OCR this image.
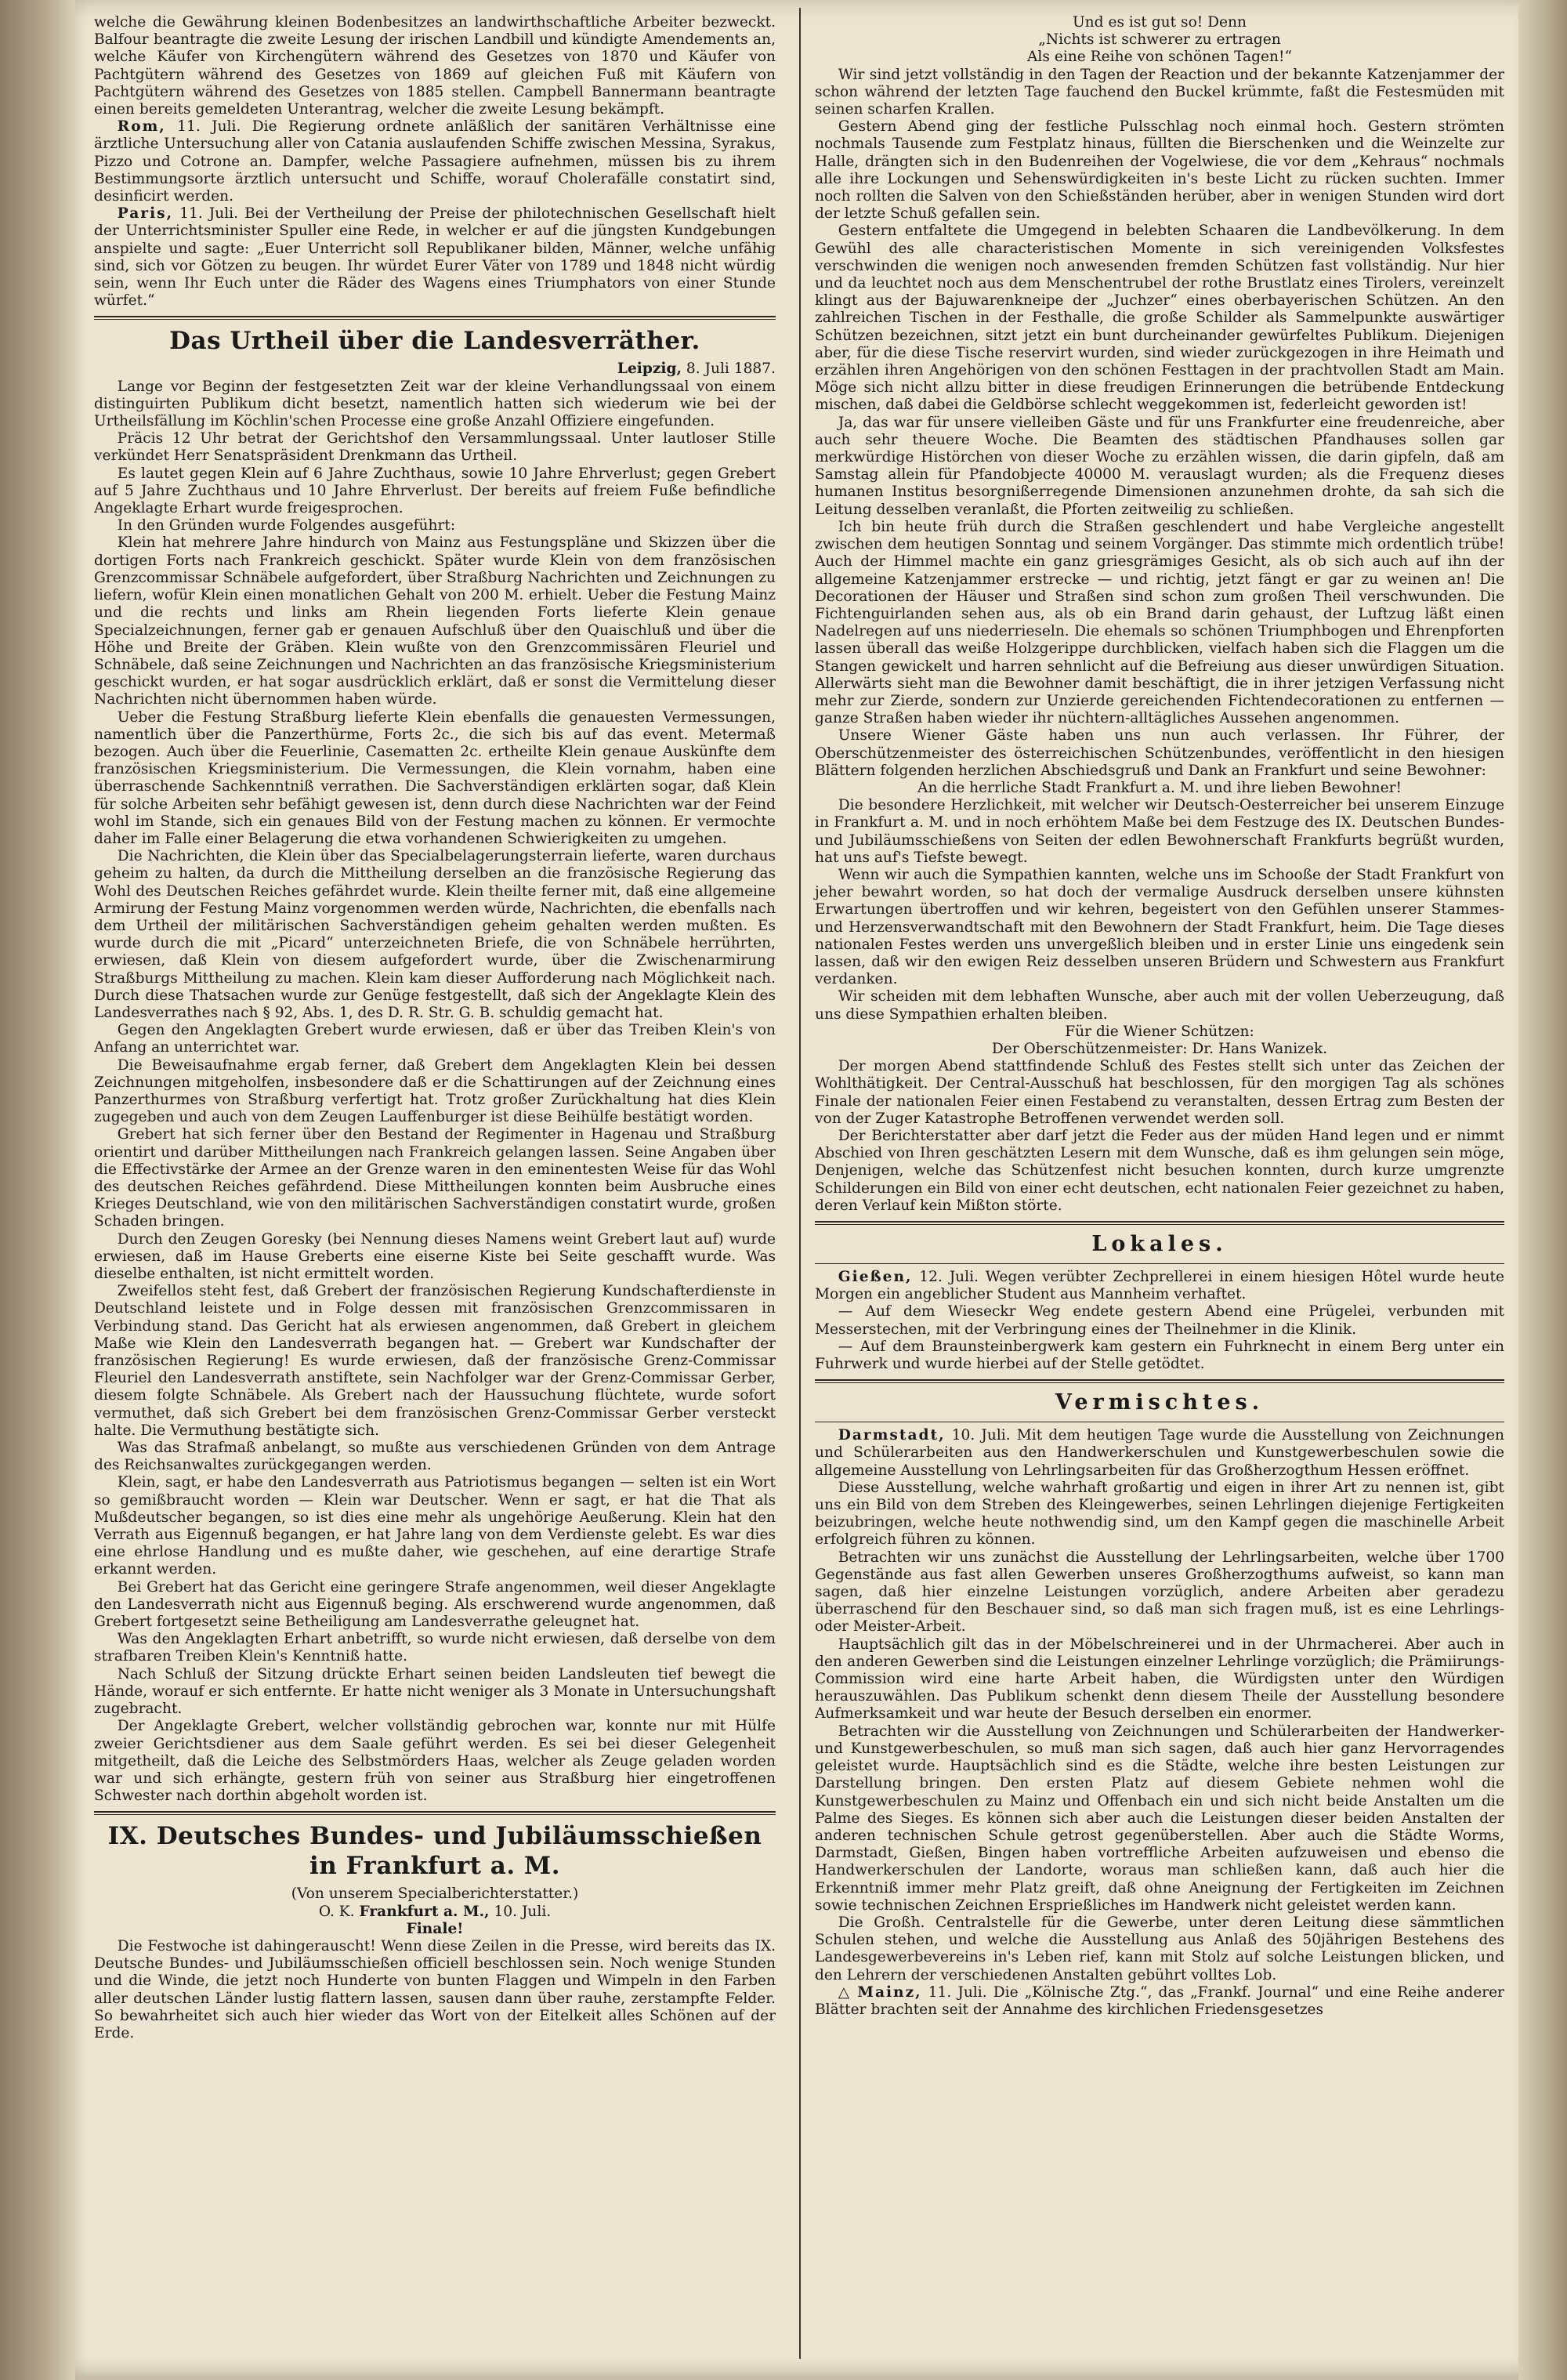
welche die Gewährung kleinen Bodenbesitzes an landwirthschaftliche Arbeiter bezweckt. Balfour beantragte die zweite Lesung der irischen Landbill und kündigte Amendements an, welche Käufer von Kirchengütern während des Gesetzes von 1870 und Käufer von Pachtgütern während des Gesetzes von 1869 auf gleichen Fuß mit Käufern von Pachtgütern während des Gesetzes von 1885 stellen. Campbell Bannermann beantragte einen bereits gemeldeten Unterantrag, welcher die zweite Lesung bekämpft.

Rom, 11. Juli. Die Regierung ordnete anläßlich der sanitären Verhältnisse eine ärztliche Untersuchung aller von Catania auslaufenden Schiffe zwischen Messina, Syrakus, Pizzo und Cotrone an. Dampfer, welche Passagiere aufnehmen, müssen bis zu ihrem Bestimmungsorte ärztlich untersucht und Schiffe, worauf Cholerafälle constatirt sind, desinficirt werden.

Paris, 11. Juli. Bei der Vertheilung der Preise der philotechnischen Gesellschaft hielt der Unterrichtsminister Spuller eine Rede, in welcher er auf die jüngsten Kundgebungen anspielte und sagte: „Euer Unterricht soll Republikaner bilden, Männer, welche unfähig sind, sich vor Götzen zu beugen. Ihr würdet Eurer Väter von 1789 und 1848 nicht würdig sein, wenn Ihr Euch unter die Räder des Wagens eines Triumphators von einer Stunde würfet.“

Das Urtheil über die Landesverräther.
Leipzig, 8. Juli 1887.

Lange vor Beginn der festgesetzten Zeit war der kleine Verhandlungssaal von einem distinguirten Publikum dicht besetzt, namentlich hatten sich wiederum wie bei der Urtheilsfällung im Köchlin'schen Processe eine große Anzahl Offiziere eingefunden.

Präcis 12 Uhr betrat der Gerichtshof den Versammlungssaal. Unter lautloser Stille verkündet Herr Senatspräsident Drenkmann das Urtheil.

Es lautet gegen Klein auf 6 Jahre Zuchthaus, sowie 10 Jahre Ehrverlust; gegen Grebert auf 5 Jahre Zuchthaus und 10 Jahre Ehrverlust. Der bereits auf freiem Fuße befindliche Angeklagte Erhart wurde freigesprochen.

In den Gründen wurde Folgendes ausgeführt:

Klein hat mehrere Jahre hindurch von Mainz aus Festungspläne und Skizzen über die dortigen Forts nach Frankreich geschickt. Später wurde Klein von dem französischen Grenzcommissar Schnäbele aufgefordert, über Straßburg Nachrichten und Zeichnungen zu liefern, wofür Klein einen monatlichen Gehalt von 200 M. erhielt. Ueber die Festung Mainz und die rechts und links am Rhein liegenden Forts lieferte Klein genaue Specialzeichnungen, ferner gab er genauen Aufschluß über den Quaischluß und über die Höhe und Breite der Gräben. Klein wußte von den Grenzcommissären Fleuriel und Schnäbele, daß seine Zeichnungen und Nachrichten an das französische Kriegsministerium geschickt wurden, er hat sogar ausdrücklich erklärt, daß er sonst die Vermittelung dieser Nachrichten nicht übernommen haben würde.

Ueber die Festung Straßburg lieferte Klein ebenfalls die genauesten Vermessungen, namentlich über die Panzerthürme, Forts 2c., die sich bis auf das event. Metermaß bezogen. Auch über die Feuerlinie, Casematten 2c. ertheilte Klein genaue Auskünfte dem französischen Kriegsministerium. Die Vermessungen, die Klein vornahm, haben eine überraschende Sachkenntniß verrathen. Die Sachverständigen erklärten sogar, daß Klein für solche Arbeiten sehr befähigt gewesen ist, denn durch diese Nachrichten war der Feind wohl im Stande, sich ein genaues Bild von der Festung machen zu können. Er vermochte daher im Falle einer Belagerung die etwa vorhandenen Schwierigkeiten zu umgehen.

Die Nachrichten, die Klein über das Specialbelagerungsterrain lieferte, waren durchaus geheim zu halten, da durch die Mittheilung derselben an die französische Regierung das Wohl des Deutschen Reiches gefährdet wurde. Klein theilte ferner mit, daß eine allgemeine Armirung der Festung Mainz vorgenommen werden würde, Nachrichten, die ebenfalls nach dem Urtheil der militärischen Sachverständigen geheim gehalten werden mußten. Es wurde durch die mit „Picard“ unterzeichneten Briefe, die von Schnäbele herrührten, erwiesen, daß Klein von diesem aufgefordert wurde, über die Zwischenarmirung Straßburgs Mittheilung zu machen. Klein kam dieser Aufforderung nach Möglichkeit nach. Durch diese Thatsachen wurde zur Genüge festgestellt, daß sich der Angeklagte Klein des Landesverrathes nach § 92, Abs. 1, des D. R. Str. G. B. schuldig gemacht hat.

Gegen den Angeklagten Grebert wurde erwiesen, daß er über das Treiben Klein's von Anfang an unterrichtet war.

Die Beweisaufnahme ergab ferner, daß Grebert dem Angeklagten Klein bei dessen Zeichnungen mitgeholfen, insbesondere daß er die Schattirungen auf der Zeichnung eines Panzerthurmes von Straßburg verfertigt hat. Trotz großer Zurückhaltung hat dies Klein zugegeben und auch von dem Zeugen Lauffenburger ist diese Beihülfe bestätigt worden.

Grebert hat sich ferner über den Bestand der Regimenter in Hagenau und Straßburg orientirt und darüber Mittheilungen nach Frankreich gelangen lassen. Seine Angaben über die Effectivstärke der Armee an der Grenze waren in den eminentesten Weise für das Wohl des deutschen Reiches gefährdend. Diese Mittheilungen konnten beim Ausbruche eines Krieges Deutschland, wie von den militärischen Sachverständigen constatirt wurde, großen Schaden bringen.

Durch den Zeugen Goresky (bei Nennung dieses Namens weint Grebert laut auf) wurde erwiesen, daß im Hause Greberts eine eiserne Kiste bei Seite geschafft wurde. Was dieselbe enthalten, ist nicht ermittelt worden.

Zweifellos steht fest, daß Grebert der französischen Regierung Kundschafterdienste in Deutschland leistete und in Folge dessen mit französischen Grenzcommissaren in Verbindung stand. Das Gericht hat als erwiesen angenommen, daß Grebert in gleichem Maße wie Klein den Landesverrath begangen hat. — Grebert war Kundschafter der französischen Regierung! Es wurde erwiesen, daß der französische Grenz-Commissar Fleuriel den Landesverrath anstiftete, sein Nachfolger war der Grenz-Commissar Gerber, diesem folgte Schnäbele. Als Grebert nach der Haussuchung flüchtete, wurde sofort vermuthet, daß sich Grebert bei dem französischen Grenz-Commissar Gerber versteckt halte. Die Vermuthung bestätigte sich.

Was das Strafmaß anbelangt, so mußte aus verschiedenen Gründen von dem Antrage des Reichsanwaltes zurückgegangen werden.

Klein, sagt, er habe den Landesverrath aus Patriotismus begangen — selten ist ein Wort so gemißbraucht worden — Klein war Deutscher. Wenn er sagt, er hat die That als Mußdeutscher begangen, so ist dies eine mehr als ungehörige Aeußerung. Klein hat den Verrath aus Eigennuß begangen, er hat Jahre lang von dem Verdienste gelebt. Es war dies eine ehrlose Handlung und es mußte daher, wie geschehen, auf eine derartige Strafe erkannt werden.

Bei Grebert hat das Gericht eine geringere Strafe angenommen, weil dieser Angeklagte den Landesverrath nicht aus Eigennuß beging. Als erschwerend wurde angenommen, daß Grebert fortgesetzt seine Betheiligung am Landesverrathe geleugnet hat.

Was den Angeklagten Erhart anbetrifft, so wurde nicht erwiesen, daß derselbe von dem strafbaren Treiben Klein's Kenntniß hatte.

Nach Schluß der Sitzung drückte Erhart seinen beiden Landsleuten tief bewegt die Hände, worauf er sich entfernte. Er hatte nicht weniger als 3 Monate in Untersuchungshaft zugebracht.

Der Angeklagte Grebert, welcher vollständig gebrochen war, konnte nur mit Hülfe zweier Gerichtsdiener aus dem Saale geführt werden. Es sei bei dieser Gelegenheit mitgetheilt, daß die Leiche des Selbstmörders Haas, welcher als Zeuge geladen worden war und sich erhängte, gestern früh von seiner aus Straßburg hier eingetroffenen Schwester nach dorthin abgeholt worden ist.

IX. Deutsches Bundes- und Jubiläumsschießen in Frankfurt a. M.
(Von unserem Specialberichterstatter.)
O. K. Frankfurt a. M., 10. Juli.
Finale!

Die Festwoche ist dahingerauscht! Wenn diese Zeilen in die Presse, wird bereits das IX. Deutsche Bundes- und Jubiläumsschießen officiell beschlossen sein. Noch wenige Stunden und die Winde, die jetzt noch Hunderte von bunten Flaggen und Wimpeln in den Farben aller deutschen Länder lustig flattern lassen, sausen dann über rauhe, zerstampfte Felder. So bewahrheitet sich auch hier wieder das Wort von der Eitelkeit alles Schönen auf der Erde.

Und es ist gut so! Denn

„Nichts ist schwerer zu ertragen

Als eine Reihe von schönen Tagen!“

Wir sind jetzt vollständig in den Tagen der Reaction und der bekannte Katzenjammer der schon während der letzten Tage fauchend den Buckel krümmte, faßt die Festesmüden mit seinen scharfen Krallen.

Gestern Abend ging der festliche Pulsschlag noch einmal hoch. Gestern strömten nochmals Tausende zum Festplatz hinaus, füllten die Bierschenken und die Weinzelte zur Halle, drängten sich in den Budenreihen der Vogelwiese, die vor dem „Kehraus“ nochmals alle ihre Lockungen und Sehenswürdigkeiten in's beste Licht zu rücken suchten. Immer noch rollten die Salven von den Schießständen herüber, aber in wenigen Stunden wird dort der letzte Schuß gefallen sein.

Gestern entfaltete die Umgegend in belebten Schaaren die Landbevölkerung. In dem Gewühl des alle characteristischen Momente in sich vereinigenden Volksfestes verschwinden die wenigen noch anwesenden fremden Schützen fast vollständig. Nur hier und da leuchtet noch aus dem Menschentrubel der rothe Brustlatz eines Tirolers, vereinzelt klingt aus der Bajuwarenkneipe der „Juchzer“ eines oberbayerischen Schützen. An den zahlreichen Tischen in der Festhalle, die große Schilder als Sammelpunkte auswärtiger Schützen bezeichnen, sitzt jetzt ein bunt durcheinander gewürfeltes Publikum. Diejenigen aber, für die diese Tische reservirt wurden, sind wieder zurückgezogen in ihre Heimath und erzählen ihren Angehörigen von den schönen Festtagen in der prachtvollen Stadt am Main. Möge sich nicht allzu bitter in diese freudigen Erinnerungen die betrübende Entdeckung mischen, daß dabei die Geldbörse schlecht weggekommen ist, federleicht geworden ist!

Ja, das war für unsere vielleiben Gäste und für uns Frankfurter eine freudenreiche, aber auch sehr theuere Woche. Die Beamten des städtischen Pfandhauses sollen gar merkwürdige Histörchen von dieser Woche zu erzählen wissen, die darin gipfeln, daß am Samstag allein für Pfandobjecte 40000 M. verauslagt wurden; als die Frequenz dieses humanen Institus besorgnißerregende Dimensionen anzunehmen drohte, da sah sich die Leitung desselben veranlaßt, die Pforten zeitweilig zu schließen.

Ich bin heute früh durch die Straßen geschlendert und habe Vergleiche angestellt zwischen dem heutigen Sonntag und seinem Vorgänger. Das stimmte mich ordentlich trübe! Auch der Himmel machte ein ganz griesgrämiges Gesicht, als ob sich auch auf ihn der allgemeine Katzenjammer erstrecke — und richtig, jetzt fängt er gar zu weinen an! Die Decorationen der Häuser und Straßen sind schon zum großen Theil verschwunden. Die Fichtenguirlanden sehen aus, als ob ein Brand darin gehaust, der Luftzug läßt einen Nadelregen auf uns niederrieseln. Die ehemals so schönen Triumphbogen und Ehrenpforten lassen überall das weiße Holzgerippe durchblicken, vielfach haben sich die Flaggen um die Stangen gewickelt und harren sehnlicht auf die Befreiung aus dieser unwürdigen Situation. Allerwärts sieht man die Bewohner damit beschäftigt, die in ihrer jetzigen Verfassung nicht mehr zur Zierde, sondern zur Unzierde gereichenden Fichtendecorationen zu entfernen — ganze Straßen haben wieder ihr nüchtern-alltägliches Aussehen angenommen.

Unsere Wiener Gäste haben uns nun auch verlassen. Ihr Führer, der Oberschützenmeister des österreichischen Schützenbundes, veröffentlicht in den hiesigen Blättern folgenden herzlichen Abschiedsgruß und Dank an Frankfurt und seine Bewohner:

An die herrliche Stadt Frankfurt a. M. und ihre lieben Bewohner!

Die besondere Herzlichkeit, mit welcher wir Deutsch-Oesterreicher bei unserem Einzuge in Frankfurt a. M. und in noch erhöhtem Maße bei dem Festzuge des IX. Deutschen Bundes- und Jubiläumsschießens von Seiten der edlen Bewohnerschaft Frankfurts begrüßt wurden, hat uns auf's Tiefste bewegt.

Wenn wir auch die Sympathien kannten, welche uns im Schooße der Stadt Frankfurt von jeher bewahrt worden, so hat doch der vermalige Ausdruck derselben unsere kühnsten Erwartungen übertroffen und wir kehren, begeistert von den Gefühlen unserer Stammes- und Herzensverwandtschaft mit den Bewohnern der Stadt Frankfurt, heim. Die Tage dieses nationalen Festes werden uns unvergeßlich bleiben und in erster Linie uns eingedenk sein lassen, daß wir den ewigen Reiz desselben unseren Brüdern und Schwestern aus Frankfurt verdanken.

Wir scheiden mit dem lebhaften Wunsche, aber auch mit der vollen Ueberzeugung, daß uns diese Sympathien erhalten bleiben.

Für die Wiener Schützen:

Der Oberschützenmeister: Dr. Hans Wanizek.

Der morgen Abend stattfindende Schluß des Festes stellt sich unter das Zeichen der Wohlthätigkeit. Der Central-Ausschuß hat beschlossen, für den morgigen Tag als schönes Finale der nationalen Feier einen Festabend zu veranstalten, dessen Ertrag zum Besten der von der Zuger Katastrophe Betroffenen verwendet werden soll.

Der Berichterstatter aber darf jetzt die Feder aus der müden Hand legen und er nimmt Abschied von Ihren geschätzten Lesern mit dem Wunsche, daß es ihm gelungen sein möge, Denjenigen, welche das Schützenfest nicht besuchen konnten, durch kurze umgrenzte Schilderungen ein Bild von einer echt deutschen, echt nationalen Feier gezeichnet zu haben, deren Verlauf kein Mißton störte.

Lokales.

Gießen, 12. Juli. Wegen verübter Zechprellerei in einem hiesigen Hôtel wurde heute Morgen ein angeblicher Student aus Mannheim verhaftet.

— Auf dem Wieseckr Weg endete gestern Abend eine Prügelei, verbunden mit Messerstechen, mit der Verbringung eines der Theilnehmer in die Klinik.

— Auf dem Braunsteinbergwerk kam gestern ein Fuhrknecht in einem Berg unter ein Fuhrwerk und wurde hierbei auf der Stelle getödtet.

Vermischtes.

Darmstadt, 10. Juli. Mit dem heutigen Tage wurde die Ausstellung von Zeichnungen und Schülerarbeiten aus den Handwerkerschulen und Kunstgewerbeschulen sowie die allgemeine Ausstellung von Lehrlingsarbeiten für das Großherzogthum Hessen eröffnet.

Diese Ausstellung, welche wahrhaft großartig und eigen in ihrer Art zu nennen ist, gibt uns ein Bild von dem Streben des Kleingewerbes, seinen Lehrlingen diejenige Fertigkeiten beizubringen, welche heute nothwendig sind, um den Kampf gegen die maschinelle Arbeit erfolgreich führen zu können.

Betrachten wir uns zunächst die Ausstellung der Lehrlingsarbeiten, welche über 1700 Gegenstände aus fast allen Gewerben unseres Großherzogthums aufweist, so kann man sagen, daß hier einzelne Leistungen vorzüglich, andere Arbeiten aber geradezu überraschend für den Beschauer sind, so daß man sich fragen muß, ist es eine Lehrlings- oder Meister-Arbeit.

Hauptsächlich gilt das in der Möbelschreinerei und in der Uhrmacherei. Aber auch in den anderen Gewerben sind die Leistungen einzelner Lehrlinge vorzüglich; die Prämiirungs-Commission wird eine harte Arbeit haben, die Würdigsten unter den Würdigen herauszuwählen. Das Publikum schenkt denn diesem Theile der Ausstellung besondere Aufmerksamkeit und war heute der Besuch derselben ein enormer.

Betrachten wir die Ausstellung von Zeichnungen und Schülerarbeiten der Handwerker- und Kunstgewerbeschulen, so muß man sich sagen, daß auch hier ganz Hervorragendes geleistet wurde. Hauptsächlich sind es die Städte, welche ihre besten Leistungen zur Darstellung bringen. Den ersten Platz auf diesem Gebiete nehmen wohl die Kunstgewerbeschulen zu Mainz und Offenbach ein und sich nicht beide Anstalten um die Palme des Sieges. Es können sich aber auch die Leistungen dieser beiden Anstalten der anderen technischen Schule getrost gegenüberstellen. Aber auch die Städte Worms, Darmstadt, Gießen, Bingen haben vortreffliche Arbeiten aufzuweisen und ebenso die Handwerkerschulen der Landorte, woraus man schließen kann, daß auch hier die Erkenntniß immer mehr Platz greift, daß ohne Aneignung der Fertigkeiten im Zeichnen sowie technischen Zeichnen Ersprießliches im Handwerk nicht geleistet werden kann.

Die Großh. Centralstelle für die Gewerbe, unter deren Leitung diese sämmtlichen Schulen stehen, und welche die Ausstellung aus Anlaß des 50jährigen Bestehens des Landesgewerbevereins in's Leben rief, kann mit Stolz auf solche Leistungen blicken, und den Lehrern der verschiedenen Anstalten gebührt volltes Lob.

△ Mainz, 11. Juli. Die „Kölnische Ztg.“, das „Frankf. Journal“ und eine Reihe anderer Blätter brachten seit der Annahme des kirchlichen Friedensgesetzes
